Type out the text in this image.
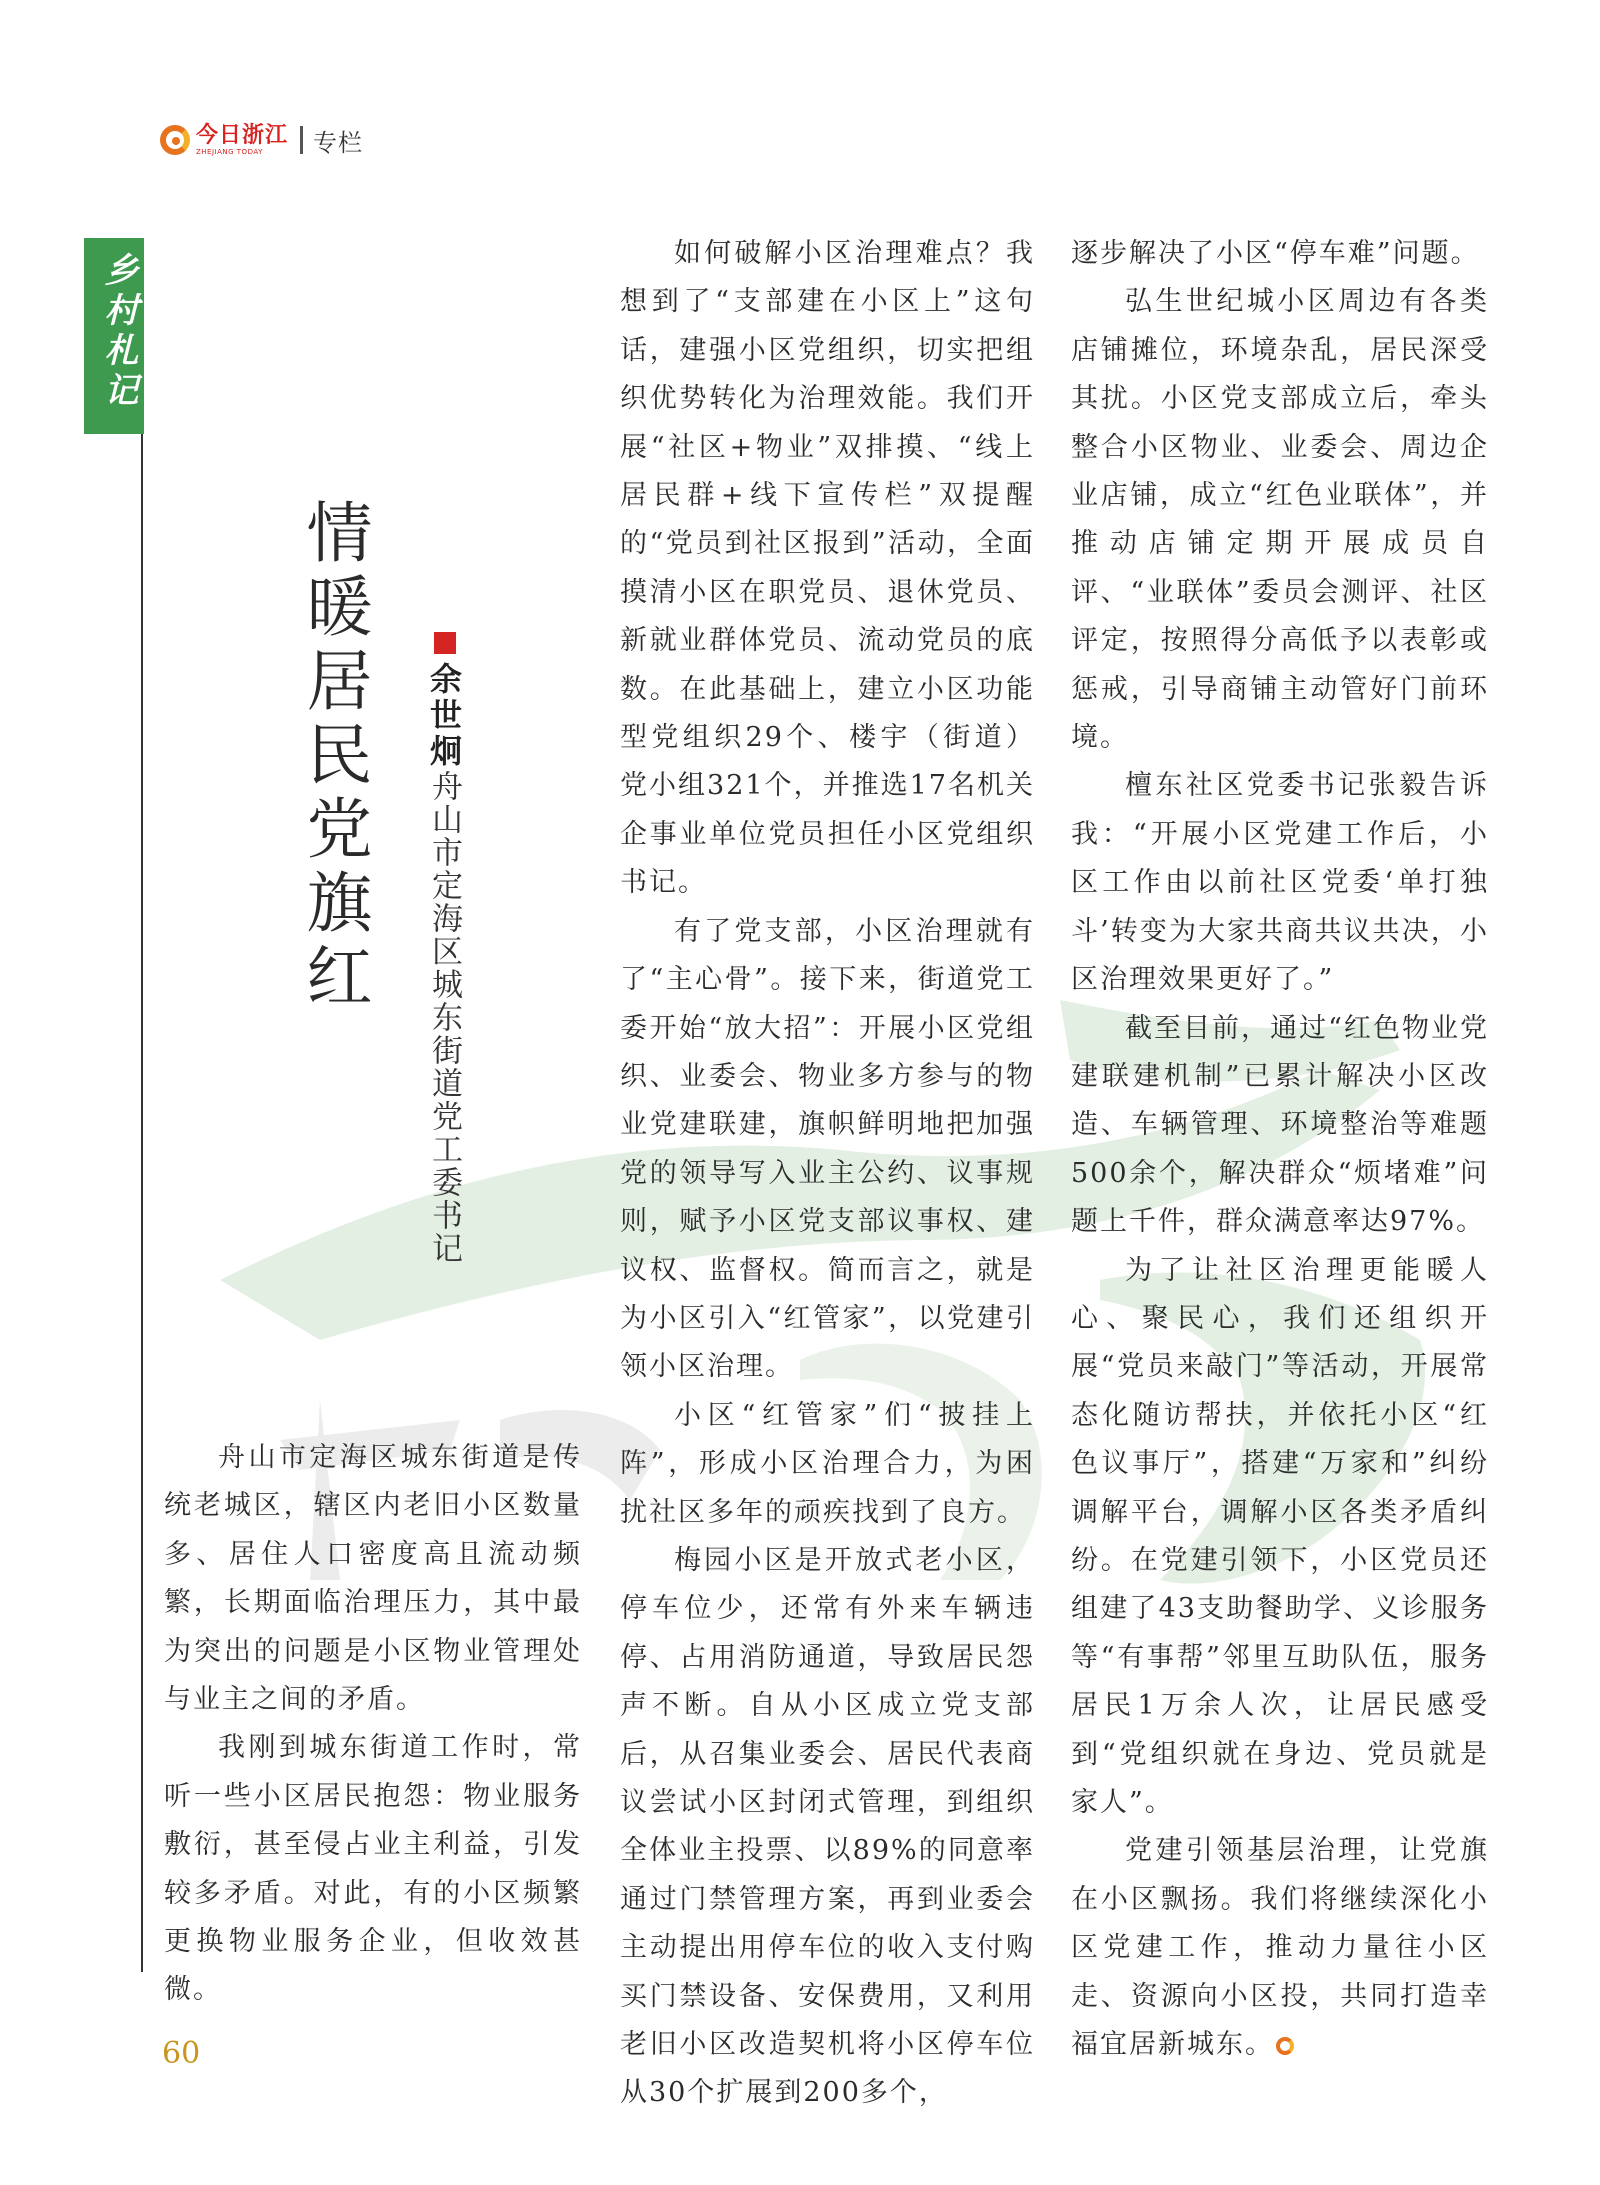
今日浙江
ZHEJIANG TODAY	专栏
乡村札记
情暖居民党旗红 余世炯
舟山市定海区城东街道党工委书记

舟山市定海区城东街道是传统老城区，辖区内老旧小区数量多、居住人口密度高且流动频繁，长期面临治理压力，其中最为突出的问题是小区物业管理处与业主之间的矛盾。

我刚到城东街道工作时，常听一些小区居民抱怨：物业服务敷衍，甚至侵占业主利益，引发较多矛盾。对此，有的小区频繁更换物业服务企业，但收效甚微。

如何破解小区治理难点？我想到了“支部建在小区上”这句话，建强小区党组织，切实把组织优势转化为治理效能。我们开展“社区+物业”双排摸、“线上居民群+线下宣传栏”双提醒的“党员到社区报到”活动，全面摸清小区在职党员、退休党员、新就业群体党员、流动党员的底数。在此基础上，建立小区功能型党组织29个、楼宇（街道）党小组321个，并推选17名机关企事业单位党员担任小区党组织书记。

有了党支部，小区治理就有了“主心骨”。接下来，街道党工委开始“放大招”：开展小区党组织、业委会、物业多方参与的物业党建联建，旗帜鲜明地把加强党的领导写入业主公约、议事规则，赋予小区党支部议事权、建议权、监督权。简而言之，就是为小区引入“红管家”，以党建引领小区治理。

小区“红管家”们“披挂上阵”，形成小区治理合力，为困扰社区多年的顽疾找到了良方。

梅园小区是开放式老小区，停车位少，还常有外来车辆违停、占用消防通道，导致居民怨声不断。自从小区成立党支部后，从召集业委会、居民代表商议尝试小区封闭式管理，到组织全体业主投票、以89%的同意率通过门禁管理方案，再到业委会主动提出用停车位的收入支付购买门禁设备、安保费用，又利用老旧小区改造契机将小区停车位从30个扩展到200多个，

逐步解决了小区“停车难”问题。

弘生世纪城小区周边有各类店铺摊位，环境杂乱，居民深受其扰。小区党支部成立后，牵头整合小区物业、业委会、周边企业店铺，成立“红色业联体”，并推动店铺定期开展成员自评、“业联体”委员会测评、社区评定，按照得分高低予以表彰或惩戒，引导商铺主动管好门前环境。

檀东社区党委书记张毅告诉我：“开展小区党建工作后，小区工作由以前社区党委‘单打独斗’转变为大家共商共议共决，小区治理效果更好了。”

截至目前，通过“红色物业党建联建机制”已累计解决小区改造、车辆管理、环境整治等难题500余个，解决群众“烦堵难”问题上千件，群众满意率达97%。

为了让社区治理更能暖人心、聚民心，我们还组织开展“党员来敲门”等活动，开展常态化随访帮扶，并依托小区“红色议事厅”，搭建“万家和”纠纷调解平台，调解小区各类矛盾纠纷。在党建引领下，小区党员还组建了43支助餐助学、义诊服务等“有事帮”邻里互助队伍，服务居民1万余人次，让居民感受到“党组织就在身边、党员就是家人”。

党建引领基层治理，让党旗在小区飘扬。我们将继续深化小区党建工作，推动力量往小区走、资源向小区投，共同打造幸福宜居新城东。

60
